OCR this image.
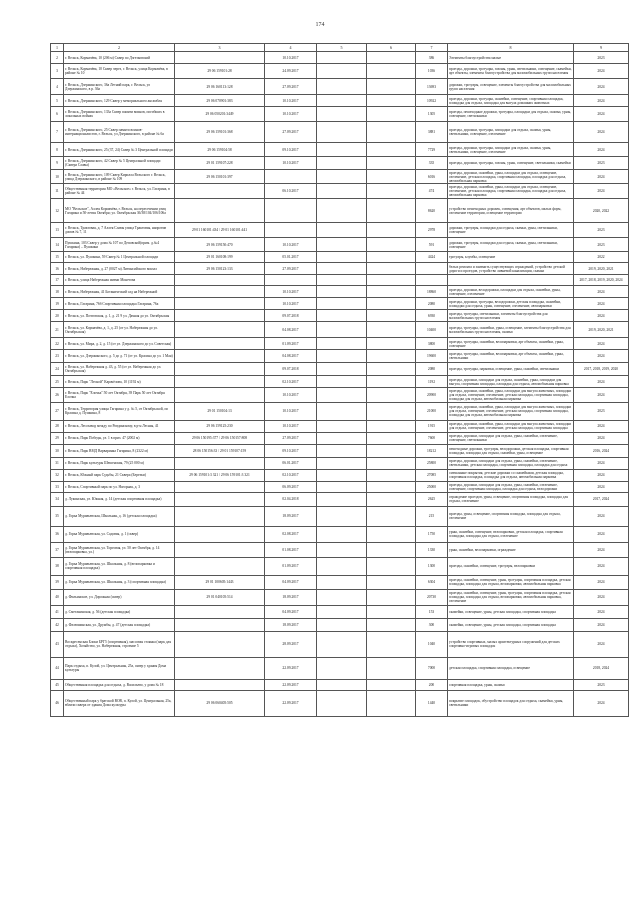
174
1	2	3	4	5	6	7	8	9
2	г. Вельск, Кормачёва, 10 (206 м) Сквер по Дзгезковский		10.10.2017			386	Элементы благоустройства малые	2023
3	г. Вельск, Кормачёва, 10 Сквер через, г. Вельск, улица Кормачёва, в районе № 10	29 06 159101:28	24.09.2017			1036	проезды, дорожки, тротуары, газоны, урны, светильники, освещение, скамейки, арт объекты, элементы благоустройства для маломобильных групп населения	2024
4	г. Вельск, Дзержинского, 36а Летний парк, г. Вельск, ул Дзержинского, в р. 36а	29 06 160113:128	27.09.2017			13693	дорожки, тротуары, освещение, элементы благоустройства для маломобильных групп населения	2024
5	г. Вельск, Дзержинского, 129 Сквер у мемориального ансамбля	29 06 070901:383	10.10.2017			10922	проезды, дорожки, тротуары, скамейки, освещение, спортивная площадка, площадка для отдыха, площадка для выгула домашних животных	2024
6	г. Вельск, Дзержинского, 133а Сквер памяти воинов, погибших в локальных войнах	29 06 050201:3449	10.10.2017			1305	проезды, пешеходные дорожки, тротуары, площадки для отдыха, скамьи, урны, освещение, светильники	2024
7	г. Вельск, Дзержинского, 25 Сквер памяти воинов-интернационалистов, г. Вельск, ул Дзержинского, в районе № 6а	29 06 159101:368	27.09.2017			3881	проезды, дорожки, тротуары, площадки для отдыха, скамьи, урны, светильники, освещение, озеленение	2024
8	г. Вельск, Дзержинского, 25 (37, 24) Сквер № 3 Центральной площади	29 06 159104:58	09.10.2017			7729	проезды, дорожки, тротуары, площадки для отдыха, скамьи, урны, светильники, освещение, озеленение	2024
9	г. Вельск, Дзержинского, 42 Сквер № 5 Центральной площади (Сквера Славы)	29 01 159107:228	10.10.2017			335	проезды, дорожки, тротуары, газоны, урны, освещение, светильники, скамейки	2023
10	г. Вельск, Дзержинского, 109 Сквер Кирилла Вельского г. Вельск, улица Дзержинского, в районе № 109	29 06 150101:397				6016	проезды, дорожки, скамейки, урны, площадки для отдыха, освещение, озеленение, детская площадка, спортивная площадка, площадка для отдыха, автомобильная парковка	2024
11	Общественная территория МО «Вельское» г. Вельск, ул. Гагарина, в районе № 44		06.10.2017			474	проезды, дорожки, скамейки, урны, площадки для отдыха, освещение, озеленение, детская площадка, спортивная площадка, площадка для отдыха, автомобильная парковка	2024
12	МО "Вельское", Аллея Кормачёва, г. Вельск, на пересечении улиц Гагарина и 50-летия Октября; ул. Октябрьская 36/38/104/106/106а					8620	устройство пешеходных дорожек, освещения, арт объектов, малых форм, озеленение территории, освещение территории	2020, 2022
13	г. Вельск, Трактовая, д. 7 Аллея Славы улица Трактовая, напротив домов № 7, 11	29 01 160101:434 / 29 01 160101:441				2978	дорожки, тротуары, площадки для отдыха, скамьи, урны, светильники, освещение	2023
14	Пушкина, 103 Сквер у дома № 107 по Деповской(прим. д.№4 Гагарина) – Пушкина	29 06 159150:470	10.10.2017			591	дорожки, тротуары, площадки для отдыха, скамьи, урны, светильники, освещение	2023
15	г. Вельск, ул. Пушкина, 59 Сквер № 1 Центральной площади	29 01 160108:199	05.01.2017			4424	тротуары, клумбы, освещение	2022
16	г. Вельск, Набережная, д. 27 (0027 м) Литинсийского вокзал	29 06 150123:133	27.09.2017				белых ремонта и заменить существующих ограждений, устройство детской дороги и проездов, устройство ливневой канализации, скамьи	2019, 2020, 2021
17	г. Вельск, улица Набережная имени Монетова							2017, 2018, 2019, 2020, 2024
18	г. Вельск, Набережная, 41 Ботанический сад на Набережной		10.10.2017			18860	проезды, дорожки, велодорожки, площадки для отдыха, скамейки, урны, освещение, озеленение	2024
19	г. Вельск, Гагарина, 76б Спортивная площадка Гагарина, 76а		10.10.2017			2080	проезды, дорожки, тротуары, велодорожки, детская площадка, скамейки, площадки для отдыха, урны, освещение, озеленение, автопарковки	2024
20	г. Вельск, ул. Почтовская, д. 1, д. 21 9 ул. Дачная до ул. Октябрьская		09.07.2018			6930	проезды, тротуары, светильники, элементы благоустройства для маломобильных групп населения	2024
21	г. Вельск, ул. Кормачёва, д. 1, д. 25 (от ул. Набережная до ул. Октябрьская)		04.08.2017			10400	проезды, тротуары, скамейки, урны, освещение, элементы благоустройства для маломобильных групп населения, скамьи	2019, 2020, 2021
22	г. Вельск, ул. Мира, д. 2, д. 15 (от ул. Дзержинского до ул. Советская)		01.09.2017			3800	проезды, тротуары, скамейки, велопарковки, арт объекты, скамейки, урны, освещение	2024
23	г. Вельск, ул. Дзержинского, д. 5 до д. 71 (от ул. Красина до ул. 1 Мая)		04.08.2017			19600	проезды, тротуары, скамейки, велопарковки, арт объекты, скамейки, урны, светильники	2024
24	г. Вельск, ул. Набережная д. 43, д. 55 (от ул. Набережная до ул. Октябрьская)		09.07.2018			2080	проезды, тротуары, парковки, освещение, урны, скамейки, светильники	2017, 2018, 2019, 2020
25	г. Вельск, Парк "Лесной" Карачёлова, 10 (1192 м)		02.10.2017			1192	проезды, дорожки, площадки для отдыха, скамейки, урны, площадки для выгула, спортивная площадка, площадка для отдыха, автомобильная парковка	2024
26	г. Вельск, Парк "Елочка" 50 лет Октября, 39 Парк 50 лет Октября Елочка		10.10.2017			20900	проезды, дорожки, скамейки, урны, площадки для выгула животных, площадки для отдыха, освещение, озеленение, детская площадка, спортивная площадка, площадка для отдыха, автомобильная парковка	2024
27	г. Вельск, Территория улицы Гагарина у д. № 5, от Октябрьской, по Красина д. Пушкина, 8	29 01 150104:13	10.10.2017			21000	проезды, дорожки, скамейки, урны, площадки для выгула животных, площадки для отдыха, освещение, озеленение, детская площадка, спортивная площадка, площадка для отдыха, автомобильная парковка	2023
28	г. Вельск, Лесозавод между по Ровдинскому, в р-н Лесная, 41	29 06 159125:230	10.10.2017			1915	проезды, дорожки, скамейки, урны, площадки для выгула животных, площадки для отдыха, освещение, озеленение, детская площадка, спортивная площадка	2024
29	г. Вельск, Парк Победы, ул. 1 в приз. 47 (2002 м)	29 06 150195:377 / 29 06 150157:808	27.09.2017			7600	проезды, дорожки, площадки для отдыха, урны, скамейки, озеленение, освещение, светильники	2024
30	г. Вельск, Парк ВМД Варваринка Гагарина, 8 (2322 м)	28 06 150156:33 / 29 01 159107:159	09.10.2017			18212	пешеходные дорожки, тротуары, велодорожки, детская площадка, спортивная площадка, площадка для отдыха, скамейки, урны, освещение	2016, 2024
31	г. Вельск, Парк культуры Шешенская, 79 (25 000 м)		06.01.2017			25800	проезды, дорожки, площадки для отдыха, урны, скамейки, озеленение, светильники, детская площадка, спортивная площадка, площадка для отдыха	2024
32	г. Вельск, Южный парк Судьбы, 21 Сквера (Березки)	29 06 159101:3 321 / 29 06 159101:3 321	02.10.2017			27085	смешанные покрытия, детские дорожки со скамейками, детская площадка, спортивная площадка, площадка для отдыха, автомобильная парковка	2024
33	г. Вельск, Спортивный парк по ул. Нагорная, д. 3		06.09.2017			25000	проезды, дорожки, площадки для отдыха, урны, скамейки, озеленение, освещение, спортивная площадка, площадка для отдыха, велодорожки	2024
34	д. Лукинская, ул. Южная, д. 14 (детская спортивная площадка)		02.04.2018			2625	ограждение проездов, урны, освещение, спортивная площадка, площадка для отдыха, озеленение	2017, 2024
35	д. Горка Муравьевская, Школьная, д. 16 (детская площадка)		18.09.2017			215	проезды, урны, освещение, спортивная площадка, площадка для отдыха, озеленение	2024
36	д. Горка Муравьевская, ул. Садовая, д. 1 (сквер)		02.08.2017			1750	урны, скамейки, освещение, велопарковки, детская площадка, спортивная площадка, площадка для отдыха, озеленение	2024
37	д. Горка Муравьевская, ул. Торговая, ул. 50 лет Октября, д. 14 (велопарковка, ул.)		01.08.2017			1330	урны, скамейки, велопарковки, ограждение	2024
38	д. Горка Муравьевская, ул. Школьная, д. 8 (велопарковка и спортивная площадка)		01.09.2017			1300	проезды, скамейки, освещение, тротуары, велопарковки	2024
39	д. Горка Муравьевская, ул. Школьная, д. 3 (спортивная площадка)	29 01 100605:1443	04.09.2017			6304	проезды, скамейки, освещение, урны, тротуары, спортивная площадка, детская площадка, площадка для отдыха, велопарковки, автомобильная парковка	2024
40	д. Фильинское, ул. Дорожная (сквер)	29 01 040105:514	18.09.2017			20730	проезды, скамейки, освещение, урны, тротуары, спортивная площадка, детская площадка, площадка для отдыха, велопарковки, автомобильная парковка, озеленение	2024
41	д. Сметанинская, д. 56 (детская площадка)		04.09.2017			153	скамейки, освещение, урны, детская площадка, спортивная площадка	2024
42	д. Фалюшинская, ул. Дружбы, д. 47 (детская площадка)		18.09.2017			300	скамейки, освещение, урны, детская площадка, спортивная площадка	2024
43	Воскресенская Блоки БРГ5 (спортивная), массовая стоянка (парк для отдыха), Хозяйство, ул. Набережная, строение 5		28.09.2017			1040	устройство спортивных, малых архитектурных сооружений для детских спортивно-игровых площадок	2024
44	Парк отдыха, п. Кулой, ул. Центральная, 25а, сквер у здания Дома культуры		22.09.2017			7000	детская площадка, спортивная площадка, освещение	2018, 2024
45	Общественная площадка для отдыха, д. Васильево, у дома № 18		22.09.2017			200	спортивная площадка, урны, скамьи	2023
46	Общественный парк у братской ВОВ, п. Кулой, ул. Центральная, 25а, вблизи сквера от здания Дома культуры	29 06 060405:505	22.09.2017			1440	покрытие площадок, обустройство площадок для отдыха, скамейки, урны, светильники	2024
